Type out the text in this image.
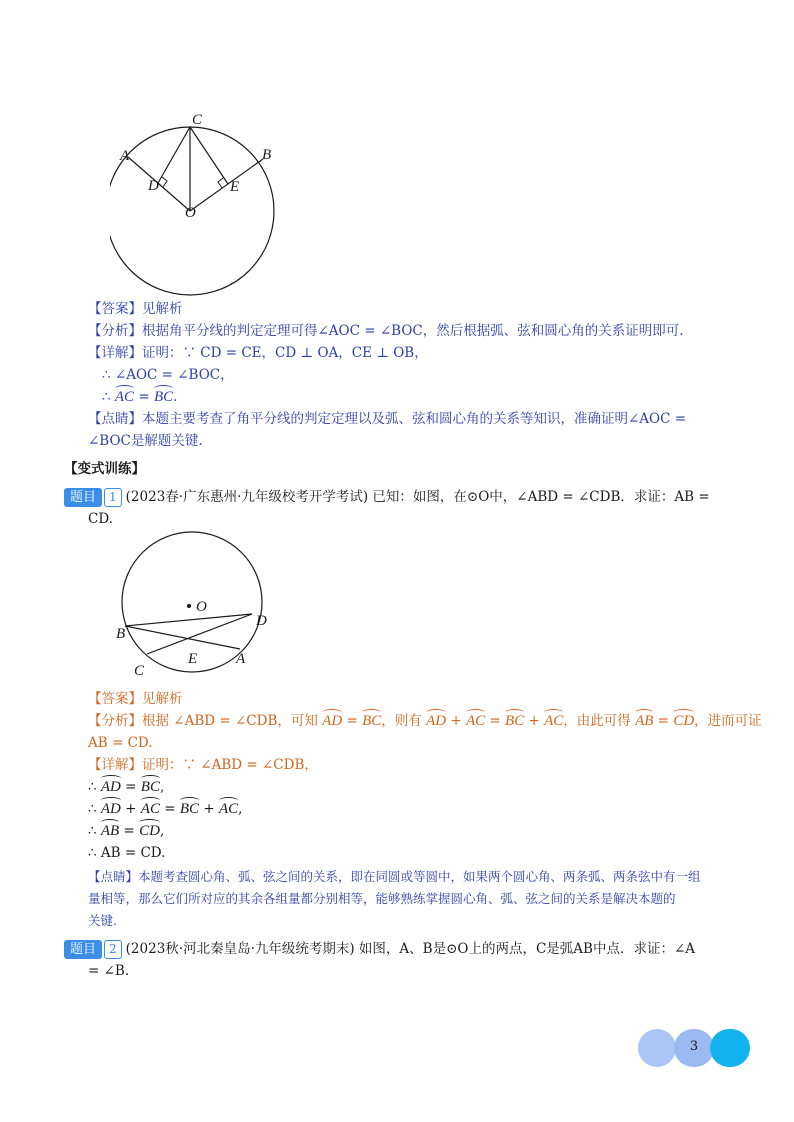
C
A	B
D	E
O
【答案】见解析
【分析】根据角平分线的判定定理可得∠AOC = ∠BOC，然后根据弧、弦和圆心角的关系证明即可.
【详解】证明：∵ CD = CE，CD ⊥ OA，CE ⊥ OB，
∴ ∠AOC = ∠BOC，
∴ AC = BC.
【点睛】本题主要考查了角平分线的判定定理以及弧、弦和圆心角的关系等知识，准确证明∠AOC =
∠BOC是解题关键.
【变式训练】
题目 1 (2023春·广东惠州·九年级校考开学考试) 已知：如图，在⊙O中，∠ABD = ∠CDB．求证：AB =
CD.
O
D
B
E	A
C
【答案】见解析
【分析】根据 ∠ABD = ∠CDB，可知 AD = BC，则有 AD + AC = BC + AC，由此可得 AB = CD，进而可证
AB = CD.
【详解】证明：∵ ∠ABD = ∠CDB，
∴ AD = BC,
∴ AD + AC = BC + AC,
∴ AB = CD,
∴ AB = CD.
【点睛】本题考查圆心角、弧、弦之间的关系，即在同圆或等圆中，如果两个圆心角、两条弧、两条弦中有一组
量相等，那么它们所对应的其余各组量都分别相等，能够熟练掌握圆心角、弧、弦之间的关系是解决本题的
关键.
题目 2 (2023秋·河北秦皇岛·九年级统考期末) 如图，A、B是⊙O上的两点，C是弧AB中点．求证：∠A
= ∠B.
3
